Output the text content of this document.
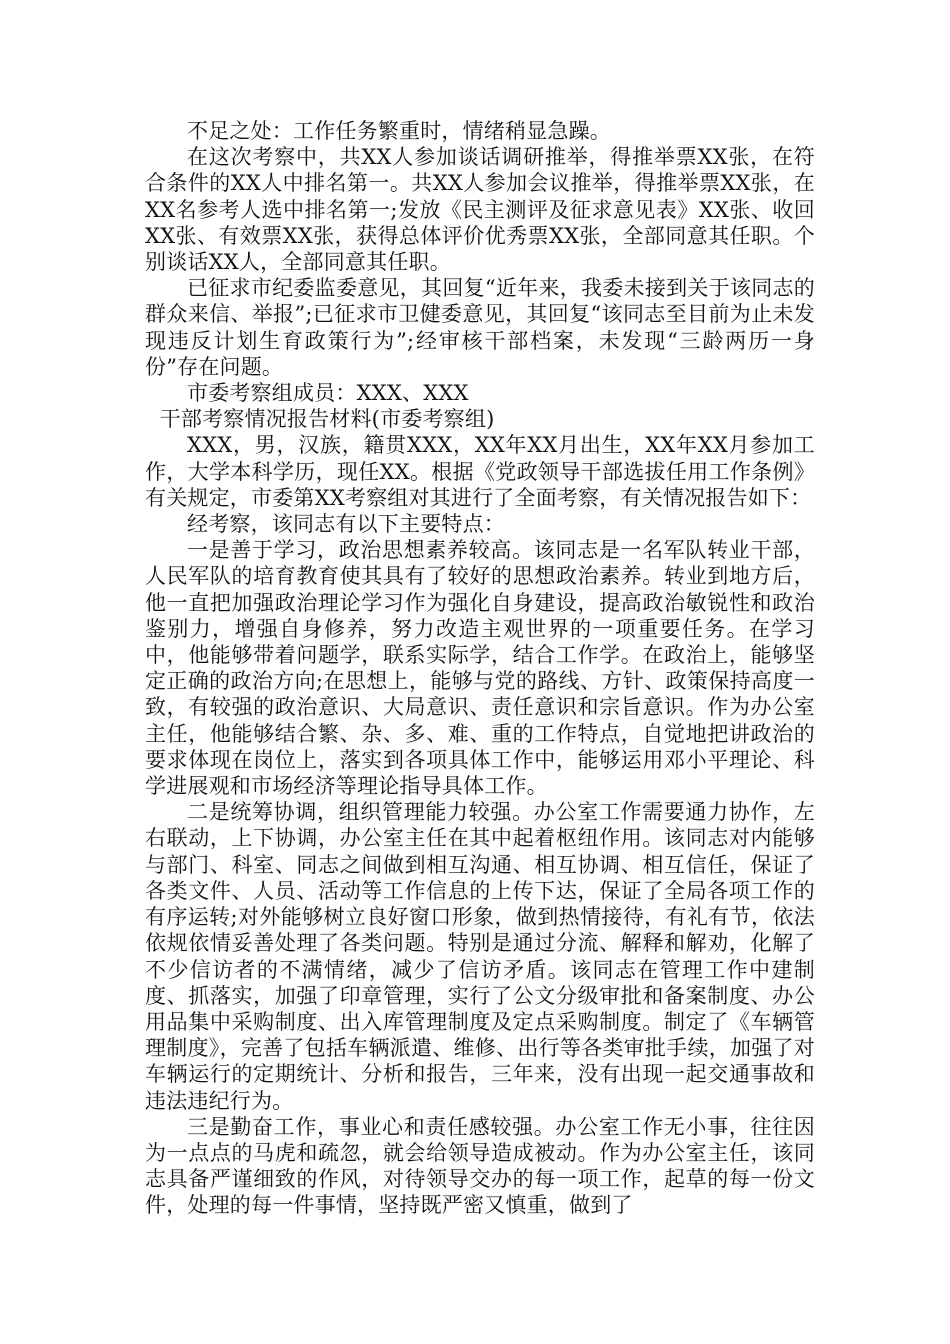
不足之处：工作任务繁重时，情绪稍显急躁。

在这次考察中，共XX人参加谈话调研推举，得推举票XX张，在符合条件的XX人中排名第一。共XX人参加会议推举，得推举票XX张，在XX名参考人选中排名第一;发放《民主测评及征求意见表》XX张、收回XX张、有效票XX张，获得总体评价优秀票XX张，全部同意其任职。个别谈话XX人，全部同意其任职。

已征求市纪委监委意见，其回复“近年来，我委未接到关于该同志的群众来信、举报”;已征求市卫健委意见，其回复“该同志至目前为止未发现违反计划生育政策行为”;经审核干部档案，未发现“三龄两历一身份”存在问题。

市委考察组成员：XXX、XXX

干部考察情况报告材料(市委考察组)

XXX，男，汉族，籍贯XXX，XX年XX月出生，XX年XX月参加工作，大学本科学历，现任XX。根据《党政领导干部选拔任用工作条例》有关规定，市委第XX考察组对其进行了全面考察，有关情况报告如下：

经考察，该同志有以下主要特点：

一是善于学习，政治思想素养较高。该同志是一名军队转业干部，人民军队的培育教育使其具有了较好的思想政治素养。转业到地方后，他一直把加强政治理论学习作为强化自身建设，提高政治敏锐性和政治鉴别力，增强自身修养，努力改造主观世界的一项重要任务。在学习中，他能够带着问题学，联系实际学，结合工作学。在政治上，能够坚定正确的政治方向;在思想上，能够与党的路线、方针、政策保持高度一致，有较强的政治意识、大局意识、责任意识和宗旨意识。作为办公室主任，他能够结合繁、杂、多、难、重的工作特点，自觉地把讲政治的要求体现在岗位上，落实到各项具体工作中，能够运用邓小平理论、科学进展观和市场经济等理论指导具体工作。

二是统筹协调，组织管理能力较强。办公室工作需要通力协作，左右联动，上下协调，办公室主任在其中起着枢纽作用。该同志对内能够与部门、科室、同志之间做到相互沟通、相互协调、相互信任，保证了各类文件、人员、活动等工作信息的上传下达，保证了全局各项工作的有序运转;对外能够树立良好窗口形象，做到热情接待，有礼有节，依法依规依情妥善处理了各类问题。特别是通过分流、解释和解劝，化解了不少信访者的不满情绪，减少了信访矛盾。该同志在管理工作中建制度、抓落实，加强了印章管理，实行了公文分级审批和备案制度、办公用品集中采购制度、出入库管理制度及定点采购制度。制定了《车辆管理制度》，完善了包括车辆派遣、维修、出行等各类审批手续，加强了对车辆运行的定期统计、分析和报告，三年来，没有出现一起交通事故和违法违纪行为。

三是勤奋工作，事业心和责任感较强。办公室工作无小事，往往因为一点点的马虎和疏忽，就会给领导造成被动。作为办公室主任，该同志具备严谨细致的作风，对待领导交办的每一项工作，起草的每一份文件，处理的每一件事情，坚持既严密又慎重，做到了
